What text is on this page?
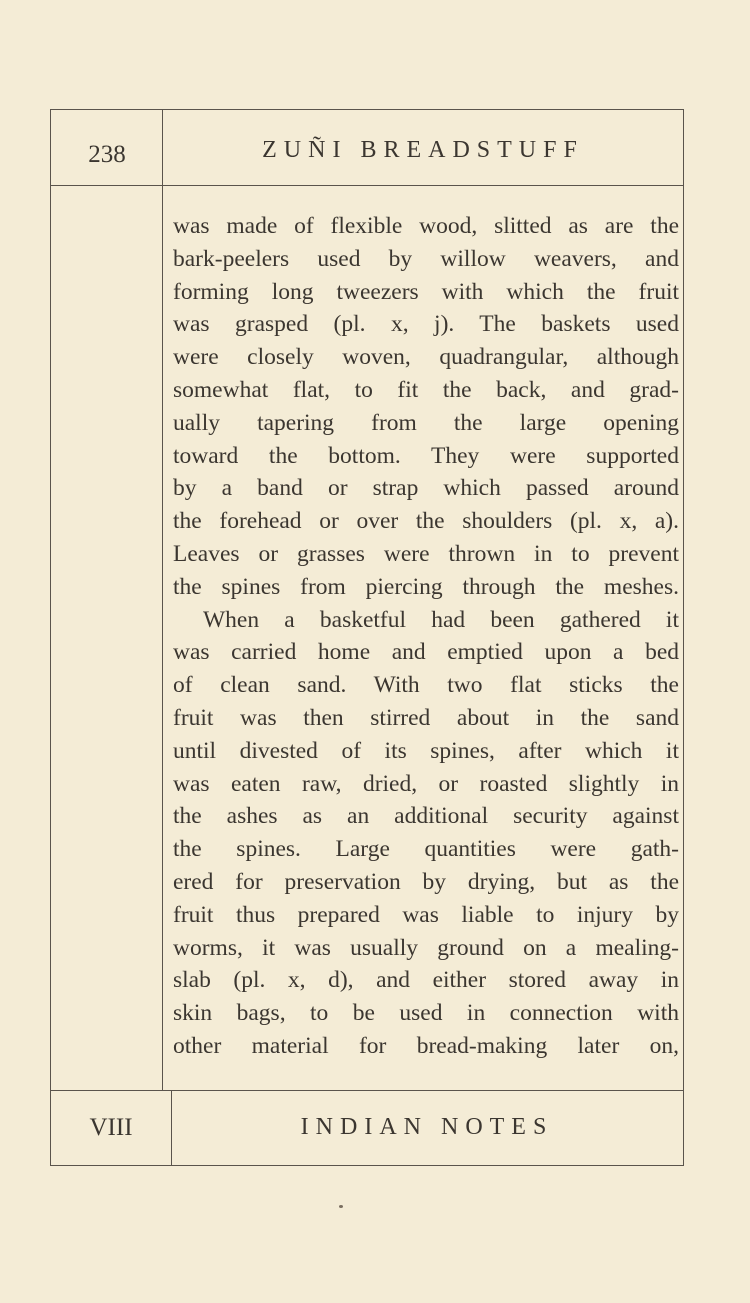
238	ZUÑI BREADSTUFF
was made of flexible wood, slitted as are the
bark-peelers used by willow weavers, and
forming long tweezers with which the fruit
was grasped (pl. x, j). The baskets used
were closely woven, quadrangular, although
somewhat flat, to fit the back, and grad-
ually tapering from the large opening
toward the bottom. They were supported
by a band or strap which passed around
the forehead or over the shoulders (pl. x, a).
Leaves or grasses were thrown in to prevent
the spines from piercing through the meshes.
When a basketful had been gathered it
was carried home and emptied upon a bed
of clean sand. With two flat sticks the
fruit was then stirred about in the sand
until divested of its spines, after which it
was eaten raw, dried, or roasted slightly in
the ashes as an additional security against
the spines. Large quantities were gath-
ered for preservation by drying, but as the
fruit thus prepared was liable to injury by
worms, it was usually ground on a mealing-
slab (pl. x, d), and either stored away in
skin bags, to be used in connection with
other material for bread-making later on,
VIII	INDIAN NOTES
